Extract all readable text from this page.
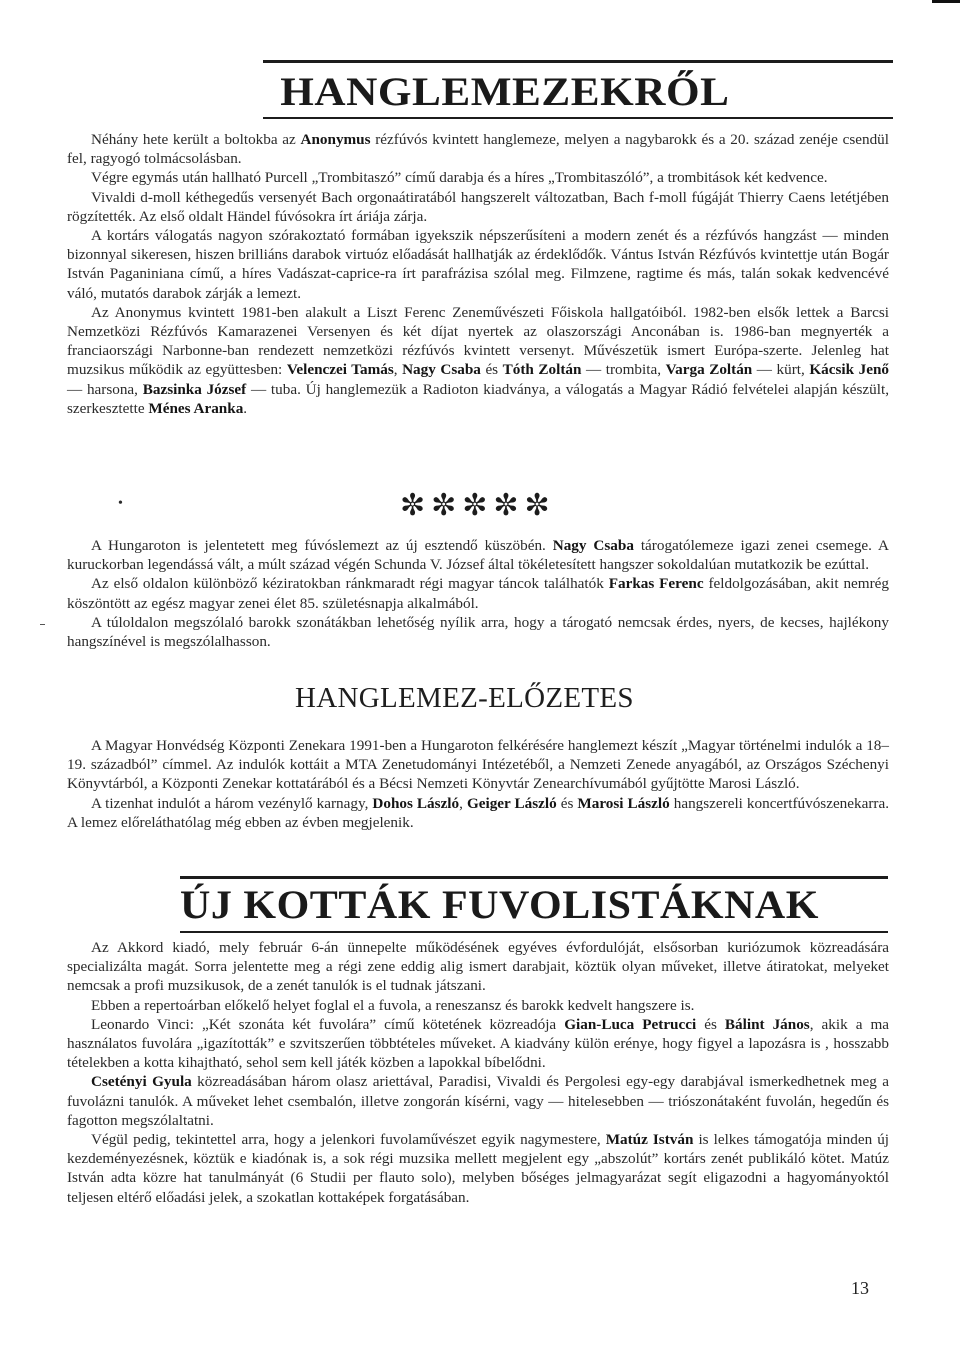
HANGLEMEZEKRŐL

Néhány hete került a boltokba az Anonymus rézfúvós kvintett hanglemeze, melyen a nagybarokk és a 20. század zenéje csendül fel, ragyogó tolmácsolásban.

Végre egymás után hallható Purcell „Trombitaszó” című darabja és a híres „Trombitaszóló”, a trombitások két kedvence.

Vivaldi d-moll kéthegedűs versenyét Bach orgonaátiratából hangszerelt változatban, Bach f-moll fúgáját Thierry Caens letétjében rögzítették. Az első oldalt Händel fúvósokra írt áriája zárja.

A kortárs válogatás nagyon szórakoztató formában igyekszik népszerűsíteni a modern zenét és a rézfúvós hangzást — minden bizonnyal sikeresen, hiszen brilliáns darabok virtuóz előadását hallhatják az érdeklődők. Vántus István Rézfúvós kvintettje után Bogár István Paganiniana című, a híres Vadászat-caprice-ra írt parafrázisa szólal meg. Filmzene, ragtime és más, talán sokak kedvencévé váló, mutatós darabok zárják a lemezt.

Az Anonymus kvintett 1981-ben alakult a Liszt Ferenc Zeneművészeti Főiskola hallgatóiból. 1982-ben elsők lettek a Barcsi Nemzetközi Rézfúvós Kamarazenei Versenyen és két díjat nyertek az olaszországi Anconában is. 1986-ban megnyerték a franciaországi Narbonne-ban rendezett nemzetközi rézfúvós kvintett versenyt. Művészetük ismert Európa-szerte. Jelenleg hat muzsikus működik az együttesben: Velenczei Tamás, Nagy Csaba és Tóth Zoltán — trombita, Varga Zoltán — kürt, Kácsik Jenő — harsona, Bazsinka József — tuba. Új hanglemezük a Radioton kiadványa, a válogatás a Magyar Rádió felvételei alapján készült, szerkesztette Ménes Aranka.

•	✼✼✼✼✼

A Hungaroton is jelentetett meg fúvóslemezt az új esztendő küszöbén. Nagy Csaba tárogatólemeze igazi zenei csemege. A kuruckorban legendássá vált, a múlt század végén Schunda V. József által tökéletesített hangszer sokoldalúan mutatkozik be ezúttal.

Az első oldalon különböző kéziratokban ránkmaradt régi magyar táncok találhatók Farkas Ferenc feldolgozásában, akit nemrég köszöntött az egész magyar zenei élet 85. születésnapja alkalmából.

A túloldalon megszólaló barokk szonátákban lehetőség nyílik arra, hogy a tárogató nemcsak érdes, nyers, de kecses, hajlékony hangszínével is megszólalhasson.

HANGLEMEZ-ELŐZETES

A Magyar Honvédség Központi Zenekara 1991-ben a Hungaroton felkérésére hanglemezt készít „Magyar történelmi indulók a 18–19. századból” címmel. Az indulók kottáit a MTA Zenetudományi Intézetéből, a Nemzeti Zenede anyagából, az Országos Széchenyi Könyvtárból, a Központi Zenekar kottatárából és a Bécsi Nemzeti Könyvtár Zenearchívumából gyűjtötte Marosi László.

A tizenhat indulót a három vezénylő karnagy, Dohos László, Geiger László és Marosi László hangszereli koncertfúvószenekarra. A lemez előreláthatólag még ebben az évben megjelenik.

ÚJ KOTTÁK FUVOLISTÁKNAK

Az Akkord kiadó, mely február 6-án ünnepelte működésének egyéves évfordulóját, elsősorban kuriózumok közreadására specializálta magát. Sorra jelentette meg a régi zene eddig alig ismert darabjait, köztük olyan műveket, illetve átiratokat, melyeket nemcsak a profi muzsikusok, de a zenét tanulók is el tudnak játszani.

Ebben a repertoárban előkelő helyet foglal el a fuvola, a reneszansz és barokk kedvelt hangszere is.

Leonardo Vinci: „Két szonáta két fuvolára” című kötetének közreadója Gian-Luca Petrucci és Bálint János, akik a ma használatos fuvolára „igazították” e szvitszerűen többtételes műveket. A kiadvány külön erénye, hogy figyel a lapozásra is , hosszabb tételekben a kotta kihajtható, sehol sem kell játék közben a lapokkal bíbelődni.

Csetényi Gyula közreadásában három olasz ariettával, Paradisi, Vivaldi és Pergolesi egy-egy darabjával ismerkedhetnek meg a fuvolázni tanulók. A műveket lehet csembalón, illetve zongorán kísérni, vagy — hitelesebben — triószonátaként fuvolán, hegedűn és fagotton megszólaltatni.

Végül pedig, tekintettel arra, hogy a jelenkori fuvolaművészet egyik nagymestere, Matúz István is lelkes támogatója minden új kezdeményezésnek, köztük e kiadónak is, a sok régi muzsika mellett megjelent egy „abszolút” kortárs zenét publikáló kötet. Matúz István adta közre hat tanulmányát (6 Studii per flauto solo), melyben bőséges jelmagyarázat segít eligazodni a hagyományoktól teljesen eltérő előadási jelek, a szokatlan kottaképek forgatásában.

13
